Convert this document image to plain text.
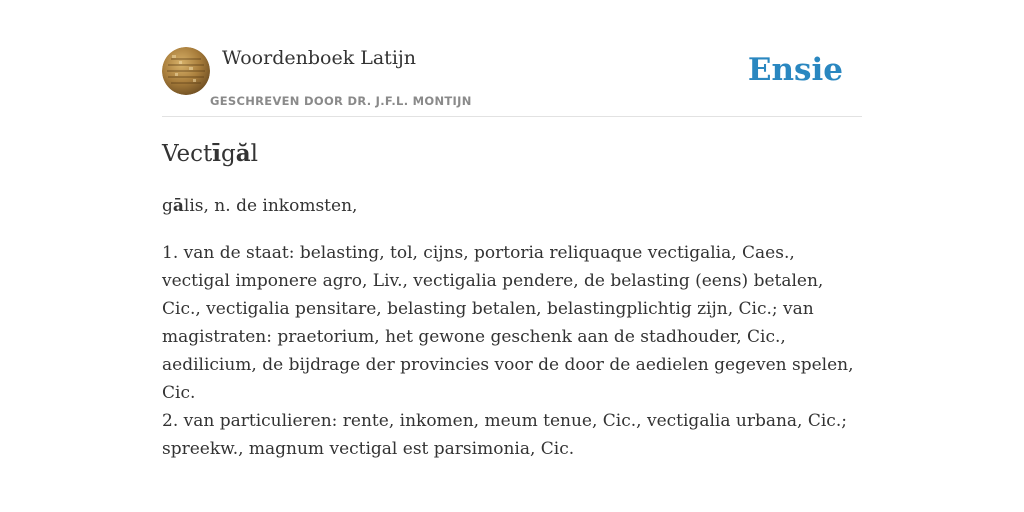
Woordenboek Latijn
GESCHREVEN DOOR DR. J.F.L. MONTIJN
Ensie
Vectīgăl

gālis, n. de inkomsten,

1. van de staat: belasting, tol, cijns, portoria reliquaque vectigalia, Caes., vectigal imponere agro, Liv., vectigalia pendere, de belasting (eens) betalen, Cic., vectigalia pensitare, belasting betalen, belastingplichtig zijn, Cic.; van magistraten: praetorium, het gewone geschenk aan de stadhouder, Cic., aedilicium, de bijdrage der provincies voor de door de aedielen gegeven spelen, Cic.

2. van particulieren: rente, inkomen, meum tenue, Cic., vectigalia urbana, Cic.; spreekw., magnum vectigal est parsimonia, Cic.
